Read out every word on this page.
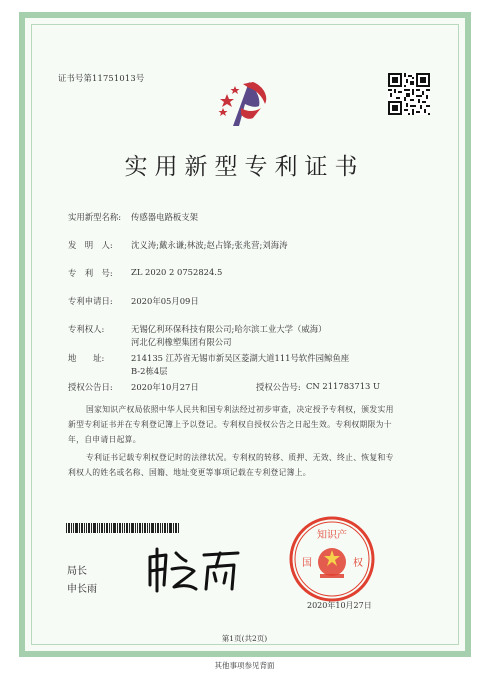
证书号第11751013号
实用新型专利证书
实用新型名称: 传感器电路板支架
发　明　人: 沈义涛;戴永谦;林波;赵占锋;张兆营;刘海涛
专　利　号: ZL 2020 2 0752824.5
专利申请日: 2020年05月09日
专利权人:	无锡亿利环保科技有限公司;哈尔滨工业大学（威海）
河北亿利橡塑集团有限公司
地　　址:	214135 江苏省无锡市新吴区菱湖大道111号软件园鲸鱼座
B-2栋4层
授权公告日: 2020年10月27日	授权公告号: CN 211783713 U
国家知识产权局依照中华人民共和国专利法经过初步审查，决定授予专利权，颁发实用
新型专利证书并在专利登记簿上予以登记。专利权自授权公告之日起生效。专利权期限为十
年，自申请日起算。
专利证书记载专利权登记时的法律状况。专利权的转移、质押、无效、终止、恢复和专
利权人的姓名或名称、国籍、地址变更等事项记载在专利登记簿上。
局长
申长雨
知识产
国	权
2020年10月27日
第1页(共2页)
其他事项参见背面
